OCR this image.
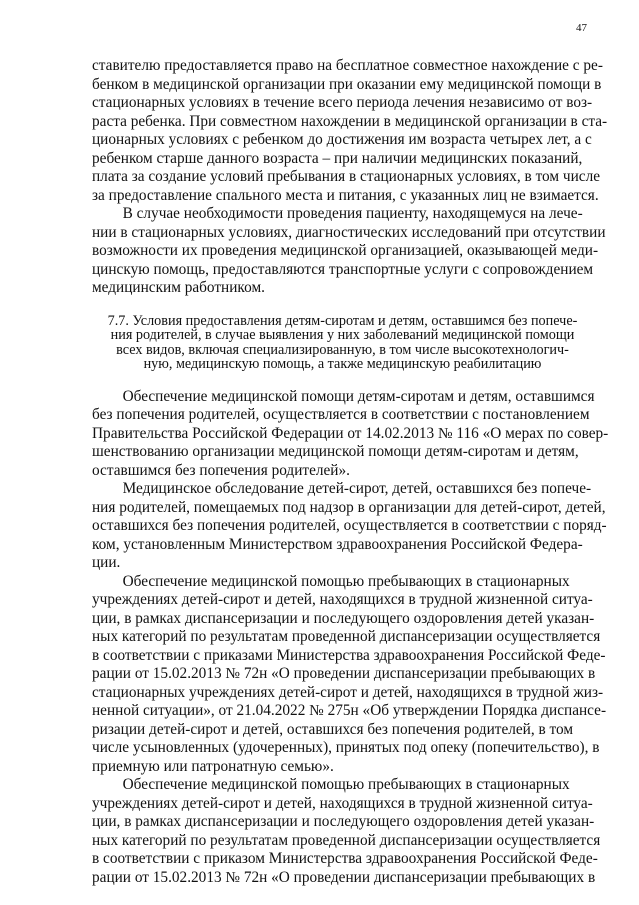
47
ставителю предоставляется право на бесплатное совместное нахождение с ре-
бенком в медицинской организации при оказании ему медицинской помощи в
стационарных условиях в течение всего периода лечения независимо от воз-
раста ребенка. При совместном нахождении в медицинской организации в ста-
ционарных условиях с ребенком до достижения им возраста четырех лет, а с
ребенком старше данного возраста – при наличии медицинских показаний,
плата за создание условий пребывания в стационарных условиях, в том числе
за предоставление спального места и питания, с указанных лиц не взимается.
В случае необходимости проведения пациенту, находящемуся на лече-
нии в стационарных условиях, диагностических исследований при отсутствии
возможности их проведения медицинской организацией, оказывающей меди-
цинскую помощь, предоставляются транспортные услуги с сопровождением
медицинским работником.
7.7. Условия предоставления детям-сиротам и детям, оставшимся без попече-
ния родителей, в случае выявления у них заболеваний медицинской помощи
всех видов, включая специализированную, в том числе высокотехнологич-
ную, медицинскую помощь, а также медицинскую реабилитацию
Обеспечение медицинской помощи детям-сиротам и детям, оставшимся
без попечения родителей, осуществляется в соответствии с постановлением
Правительства Российской Федерации от 14.02.2013 № 116 «О мерах по совер-
шенствованию организации медицинской помощи детям-сиротам и детям,
оставшимся без попечения родителей».
Медицинское обследование детей-сирот, детей, оставшихся без попече-
ния родителей, помещаемых под надзор в организации для детей-сирот, детей,
оставшихся без попечения родителей, осуществляется в соответствии с поряд-
ком, установленным Министерством здравоохранения Российской Федера-
ции.
Обеспечение медицинской помощью пребывающих в стационарных
учреждениях детей-сирот и детей, находящихся в трудной жизненной ситуа-
ции, в рамках диспансеризации и последующего оздоровления детей указан-
ных категорий по результатам проведенной диспансеризации осуществляется
в соответствии с приказами Министерства здравоохранения Российской Феде-
рации от 15.02.2013 № 72н «О проведении диспансеризации пребывающих в
стационарных учреждениях детей-сирот и детей, находящихся в трудной жиз-
ненной ситуации», от 21.04.2022 № 275н «Об утверждении Порядка диспансе-
ризации детей-сирот и детей, оставшихся без попечения родителей, в том
числе усыновленных (удочеренных), принятых под опеку (попечительство), в
приемную или патронатную семью».
Обеспечение медицинской помощью пребывающих в стационарных
учреждениях детей-сирот и детей, находящихся в трудной жизненной ситуа-
ции, в рамках диспансеризации и последующего оздоровления детей указан-
ных категорий по результатам проведенной диспансеризации осуществляется
в соответствии с приказом Министерства здравоохранения Российской Феде-
рации от 15.02.2013 № 72н «О проведении диспансеризации пребывающих в
